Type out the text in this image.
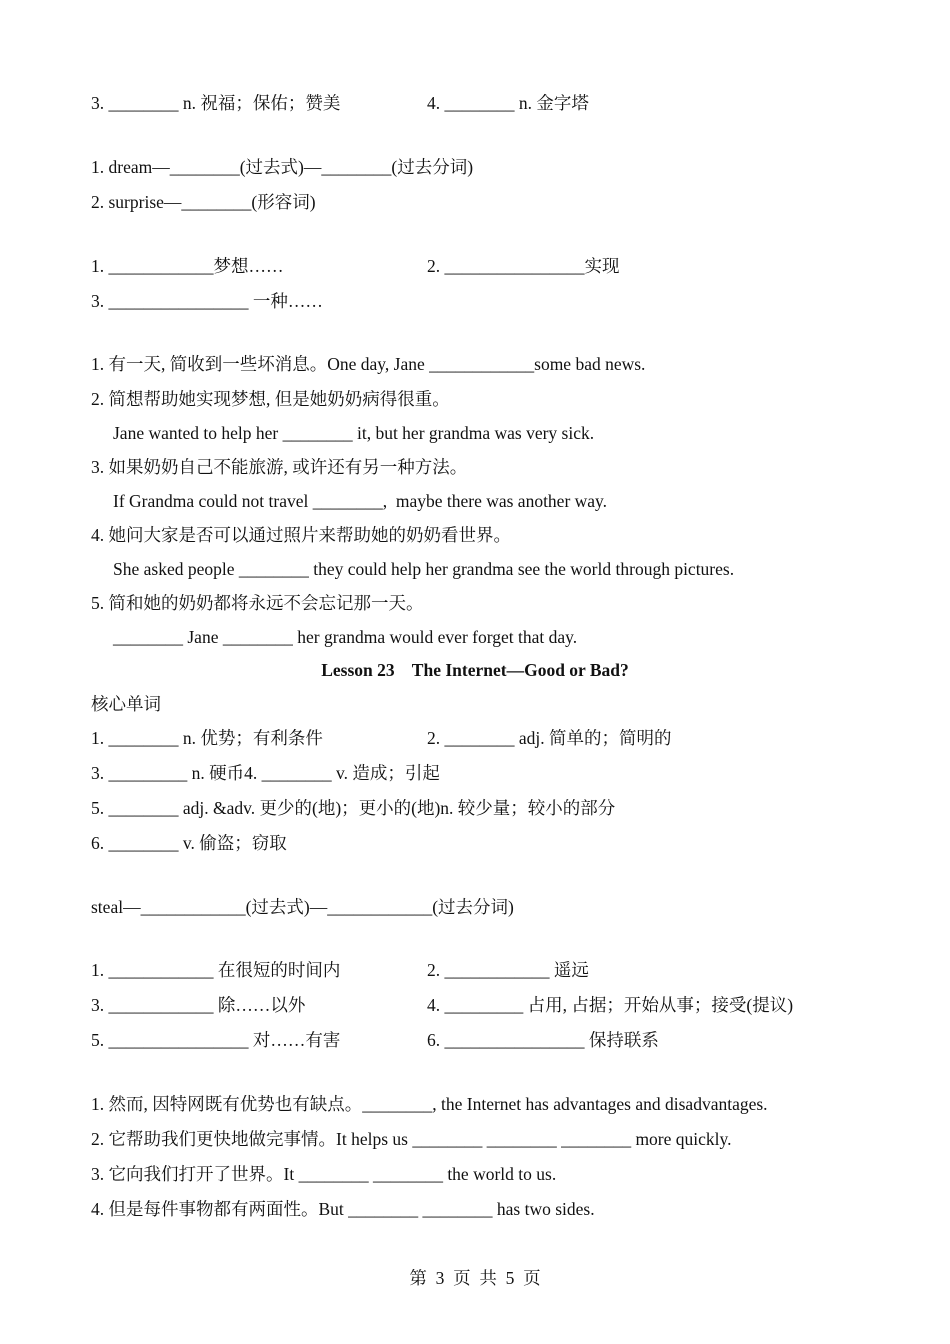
3. ________ n. 祝福；保佑；赞美	4. ________ n. 金字塔
1. dream—________(过去式)—________(过去分词)
2. surprise—________(形容词)
1. ____________梦想……	2. ________________实现
3. ________________ 一种……
1. 有一天, 简收到一些坏消息。One day, Jane ____________some bad news.
2. 简想帮助她实现梦想, 但是她奶奶病得很重。
Jane wanted to help her ________ it, but her grandma was very sick.
3. 如果奶奶自己不能旅游, 或许还有另一种方法。
If Grandma could not travel ________,  maybe there was another way.
4. 她问大家是否可以通过照片来帮助她的奶奶看世界。
She asked people ________ they could help her grandma see the world through pictures.
5. 简和她的奶奶都将永远不会忘记那一天。
________ Jane ________ her grandma would ever forget that day.
Lesson 23    The Internet—Good or Bad?
核心单词
1. ________ n. 优势；有利条件	2. ________ adj. 简单的；简明的
3. _________ n. 硬币4. ________ v. 造成；引起
5. ________ adj. &adv. 更少的(地)；更小的(地)n. 较少量；较小的部分
6. ________ v. 偷盗；窃取
steal—____________(过去式)—____________(过去分词)
1. ____________ 在很短的时间内	2. ____________ 遥远
3. ____________ 除……以外	4. _________ 占用, 占据；开始从事；接受(提议)
5. ________________ 对……有害	6. ________________ 保持联系
1. 然而, 因特网既有优势也有缺点。________, the Internet has advantages and disadvantages.
2. 它帮助我们更快地做完事情。It helps us ________ ________ ________ more quickly.
3. 它向我们打开了世界。It ________ ________ the world to us.
4. 但是每件事物都有两面性。But ________ ________ has two sides.
第  3  页  共  5  页
